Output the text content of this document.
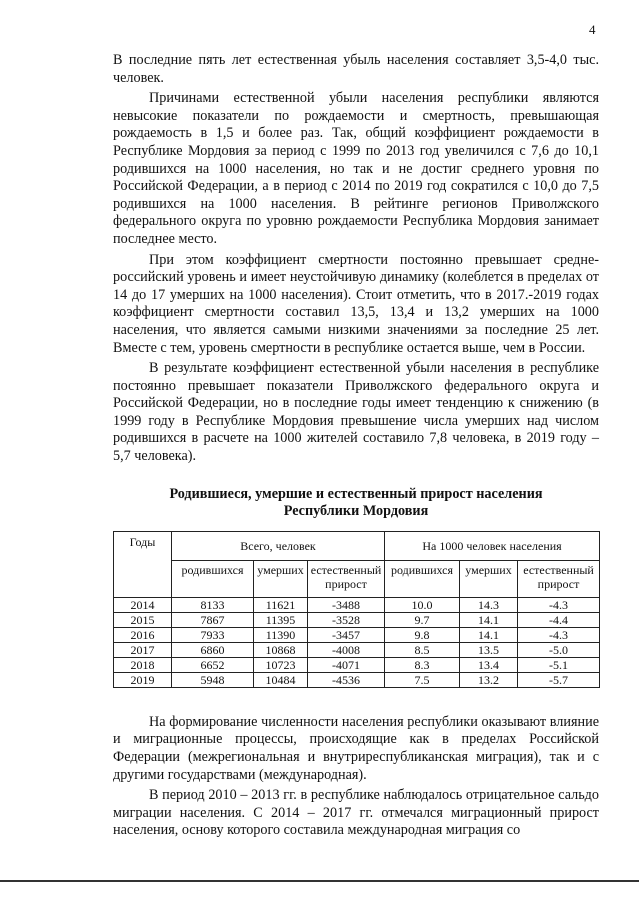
4

В последние пять лет естественная убыль населения составляет 3,5-4,0 тыс. человек.

Причинами естественной убыли населения республики являются невысокие показатели по рождаемости и смертность, превышающая рождаемость в 1,5 и более раз. Так, общий коэффициент рождаемости в Республике Мордовия за период с 1999 по 2013 год увеличился с 7,6 до 10,1 родившихся на 1000 населения, но так и не достиг среднего уровня по Российской Федерации, а в период с 2014 по 2019 год сократился с 10,0 до 7,5 родившихся на 1000 населения. В рейтинге регионов Приволжского федерального округа по уровню рождаемости Республика Мордовия занимает последнее место.

При этом коэффициент смертности постоянно превышает средне-российский уровень и имеет неустойчивую динамику (колеблется в пределах от 14 до 17 умерших на 1000 населения). Стоит отметить, что в 2017.-2019 годах коэффициент смертности составил 13,5, 13,4 и 13,2 умерших на 1000 населения, что является самыми низкими значениями за последние 25 лет. Вместе с тем, уровень смертности в республике остается выше, чем в России.

В результате коэффициент естественной убыли населения в республике постоянно превышает показатели Приволжского федерального округа и Российской Федерации, но в последние годы имеет тенденцию к снижению (в 1999 году в Республике Мордовия превышение числа умерших над числом родившихся в расчете на 1000 жителей составило 7,8 человека, в 2019 году – 5,7 человека).

Родившиеся, умершие и естественный прирост населения
Республики Мордовия
Годы	Всего, человек			На 1000 человек населения		
	родившихся	умерших	естественный прирост	родившихся	умерших	естественный прирост
2014	8133	11621	-3488	10.0	14.3	-4.3
2015	7867	11395	-3528	9.7	14.1	-4.4
2016	7933	11390	-3457	9.8	14.1	-4.3
2017	6860	10868	-4008	8.5	13.5	-5.0
2018	6652	10723	-4071	8.3	13.4	-5.1
2019	5948	10484	-4536	7.5	13.2	-5.7

На формирование численности населения республики оказывают влияние и миграционные процессы, происходящие как в пределах Российской Федерации (межрегиональная и внутриреспубликанская миграция), так и с другими государствами (международная).

В период 2010 – 2013 гг. в республике наблюдалось отрицательное сальдо миграции населения. С 2014 – 2017 гг. отмечался миграционный прирост населения, основу которого составила международная миграция со
